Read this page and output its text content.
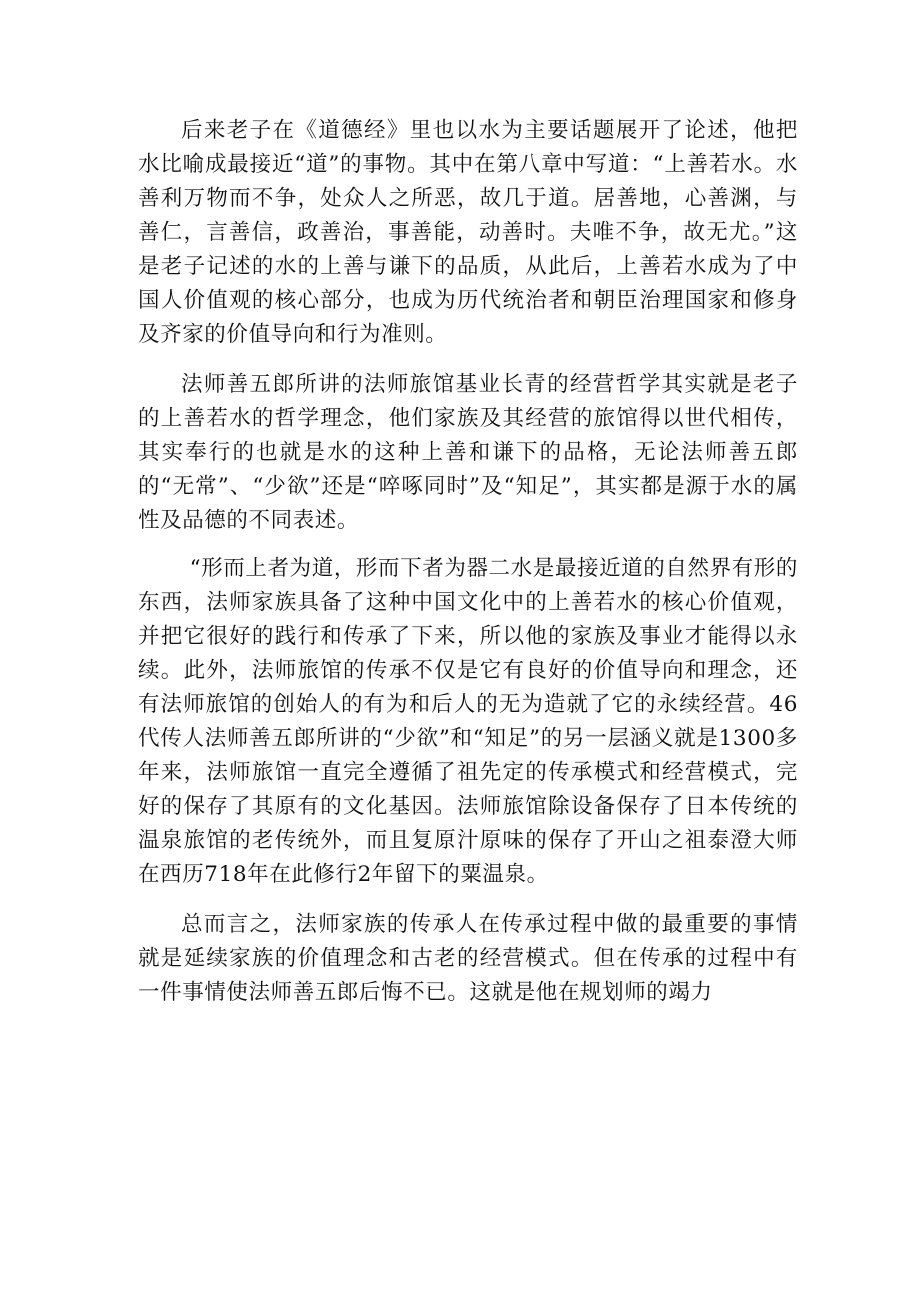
后来老子在《道德经》里也以水为主要话题展开了论述，他把水比喻成最接近“道”的事物。其中在第八章中写道：“上善若水。水善利万物而不争，处众人之所恶，故几于道。居善地，心善渊，与善仁，言善信，政善治，事善能，动善时。夫唯不争，故无尤。”这是老子记述的水的上善与谦下的品质，从此后，上善若水成为了中国人价值观的核心部分，也成为历代统治者和朝臣治理国家和修身及齐家的价值导向和行为准则。

法师善五郎所讲的法师旅馆基业长青的经营哲学其实就是老子的上善若水的哲学理念，他们家族及其经营的旅馆得以世代相传，其实奉行的也就是水的这种上善和谦下的品格，无论法师善五郎的“无常”、“少欲”还是“啐啄同时”及“知足”，其实都是源于水的属性及品德的不同表述。

“形而上者为道，形而下者为器二水是最接近道的自然界有形的东西，法师家族具备了这种中国文化中的上善若水的核心价值观，并把它很好的践行和传承了下来，所以他的家族及事业才能得以永续。此外，法师旅馆的传承不仅是它有良好的价值导向和理念，还有法师旅馆的创始人的有为和后人的无为造就了它的永续经营。46代传人法师善五郎所讲的“少欲”和“知足”的另一层涵义就是1300多年来，法师旅馆一直完全遵循了祖先定的传承模式和经营模式，完好的保存了其原有的文化基因。法师旅馆除设备保存了日本传统的温泉旅馆的老传统外，而且复原汁原味的保存了开山之祖泰澄大师在西历718年在此修行2年留下的粟温泉。

总而言之，法师家族的传承人在传承过程中做的最重要的事情就是延续家族的价值理念和古老的经营模式。但在传承的过程中有一件事情使法师善五郎后悔不已。这就是他在规划师的竭力
